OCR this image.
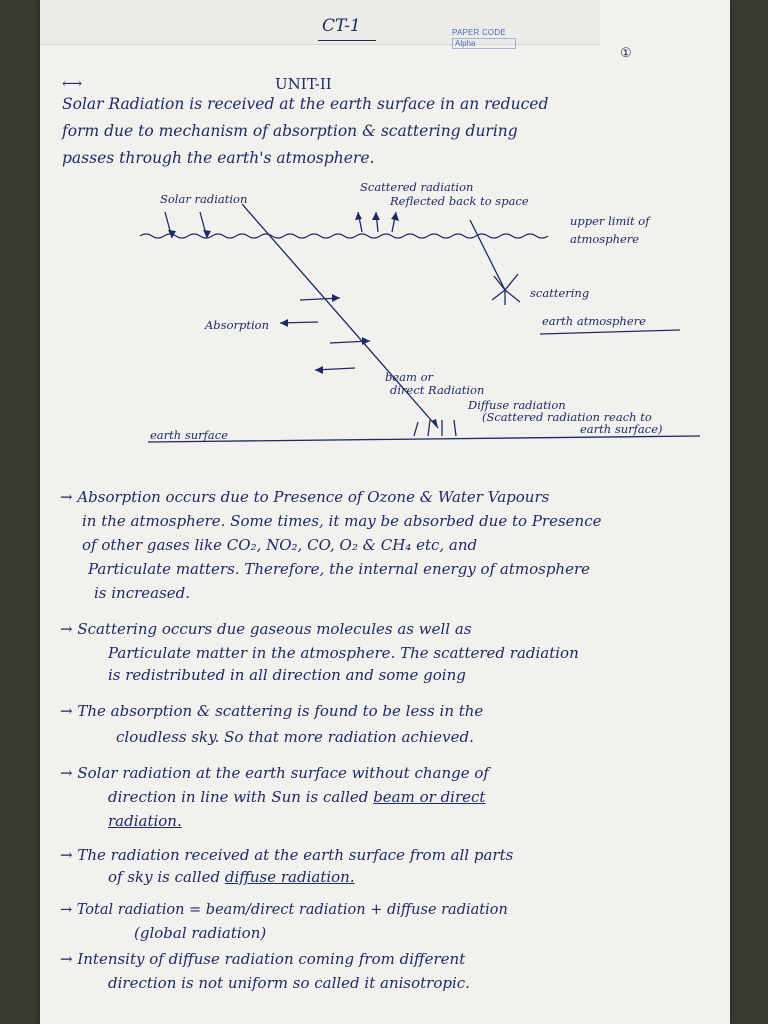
CT-1	PAPER CODE
Alpha
①
⟷	UNIT-II
Solar Radiation is received at the earth surface in an reduced
form due to mechanism of absorption & scattering during
passes through the earth's atmosphere.
Solar radiation
Scattered radiation
Reflected back to space
upper limit of
atmosphere
scattering
earth atmosphere
Absorption
beam or
direct Radiation
Diffuse radiation
(Scattered radiation reach to
earth surface)
earth surface
→ Absorption occurs due to Presence of Ozone & Water Vapours
in the atmosphere. Some times, it may be absorbed due to Presence
of other gases like CO₂, NO₂, CO, O₂ & CH₄ etc, and
Particulate matters. Therefore, the internal energy of atmosphere
is increased.
→ Scattering occurs due gaseous molecules as well as
Particulate matter in the atmosphere. The scattered radiation
is redistributed in all direction and some going
→ The absorption & scattering is found to be less in the
cloudless sky. So that more radiation achieved.
→ Solar radiation at the earth surface without change of
direction in line with Sun is called beam or direct
radiation.
→ The radiation received at the earth surface from all parts
of sky is called diffuse radiation.
→ Total radiation = beam/direct radiation + diffuse radiation
(global radiation)
→ Intensity of diffuse radiation coming from different
direction is not uniform so called it anisotropic.
